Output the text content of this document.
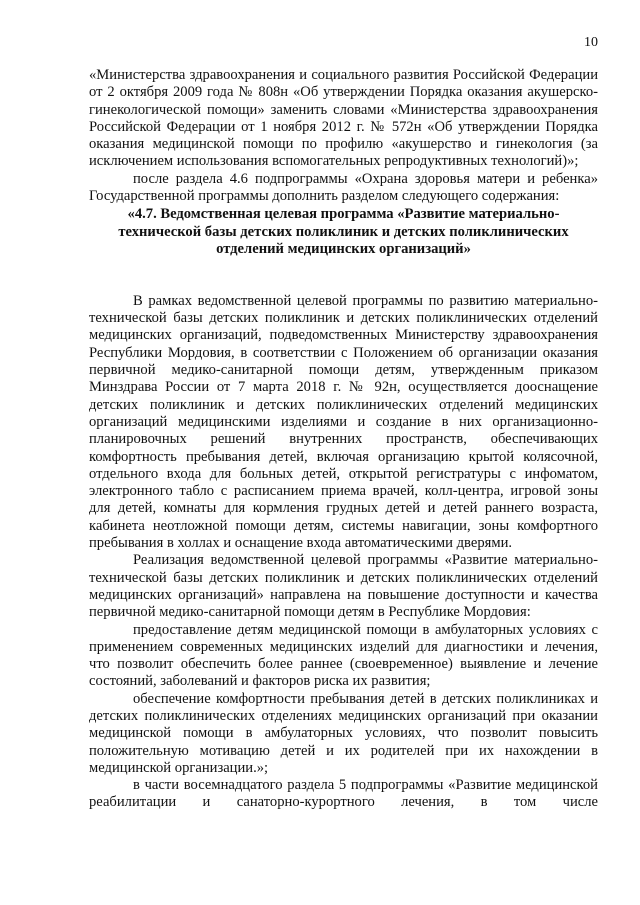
10

«Министерства здравоохранения и социального развития Российской Федерации от 2 октября 2009 года № 808н «Об утверждении Порядка оказания акушерско-гинекологической помощи» заменить словами «Министерства здравоохранения Российской Федерации от 1 ноября 2012 г. № 572н «Об утверждении Порядка оказания медицинской помощи по профилю «акушерство и гинекология (за исключением использования вспомогательных репродуктивных технологий)»;

после раздела 4.6 подпрограммы «Охрана здоровья матери и ребенка» Государственной программы дополнить разделом следующего содержания:

«4.7. Ведомственная целевая программа «Развитие материально-технической базы детских поликлиник и детских поликлинических отделений медицинских организаций»

В рамках ведомственной целевой программы по развитию материально-технической базы детских поликлиник и детских поликлинических отделений медицинских организаций, подведомственных Министерству здравоохранения Республики Мордовия, в соответствии с Положением об организации оказания первичной медико-санитарной помощи детям, утвержденным приказом Минздрава России от 7 марта 2018 г. № 92н, осуществляется дооснащение детских поликлиник и детских поликлинических отделений медицинских организаций медицинскими изделиями и создание в них организационно-планировочных решений внутренних пространств, обеспечивающих комфортность пребывания детей, включая организацию крытой колясочной, отдельного входа для больных детей, открытой регистратуры с инфоматом, электронного табло с расписанием приема врачей, колл-центра, игровой зоны для детей, комнаты для кормления грудных детей и детей раннего возраста, кабинета неотложной помощи детям, системы навигации, зоны комфортного пребывания в холлах и оснащение входа автоматическими дверями.

Реализация ведомственной целевой программы «Развитие материально-технической базы детских поликлиник и детских поликлинических отделений медицинских организаций» направлена на повышение доступности и качества первичной медико-санитарной помощи детям в Республике Мордовия:

предоставление детям медицинской помощи в амбулаторных условиях с применением современных медицинских изделий для диагностики и лечения, что позволит обеспечить более раннее (своевременное) выявление и лечение состояний, заболеваний и факторов риска их развития;

обеспечение комфортности пребывания детей в детских поликлиниках и детских поликлинических отделениях медицинских организаций при оказании медицинской помощи в амбулаторных условиях, что позволит повысить положительную мотивацию детей и их родителей при их нахождении в медицинской организации.»;

в части восемнадцатого раздела 5 подпрограммы «Развитие медицинской реабилитации и санаторно-курортного лечения, в том числе
